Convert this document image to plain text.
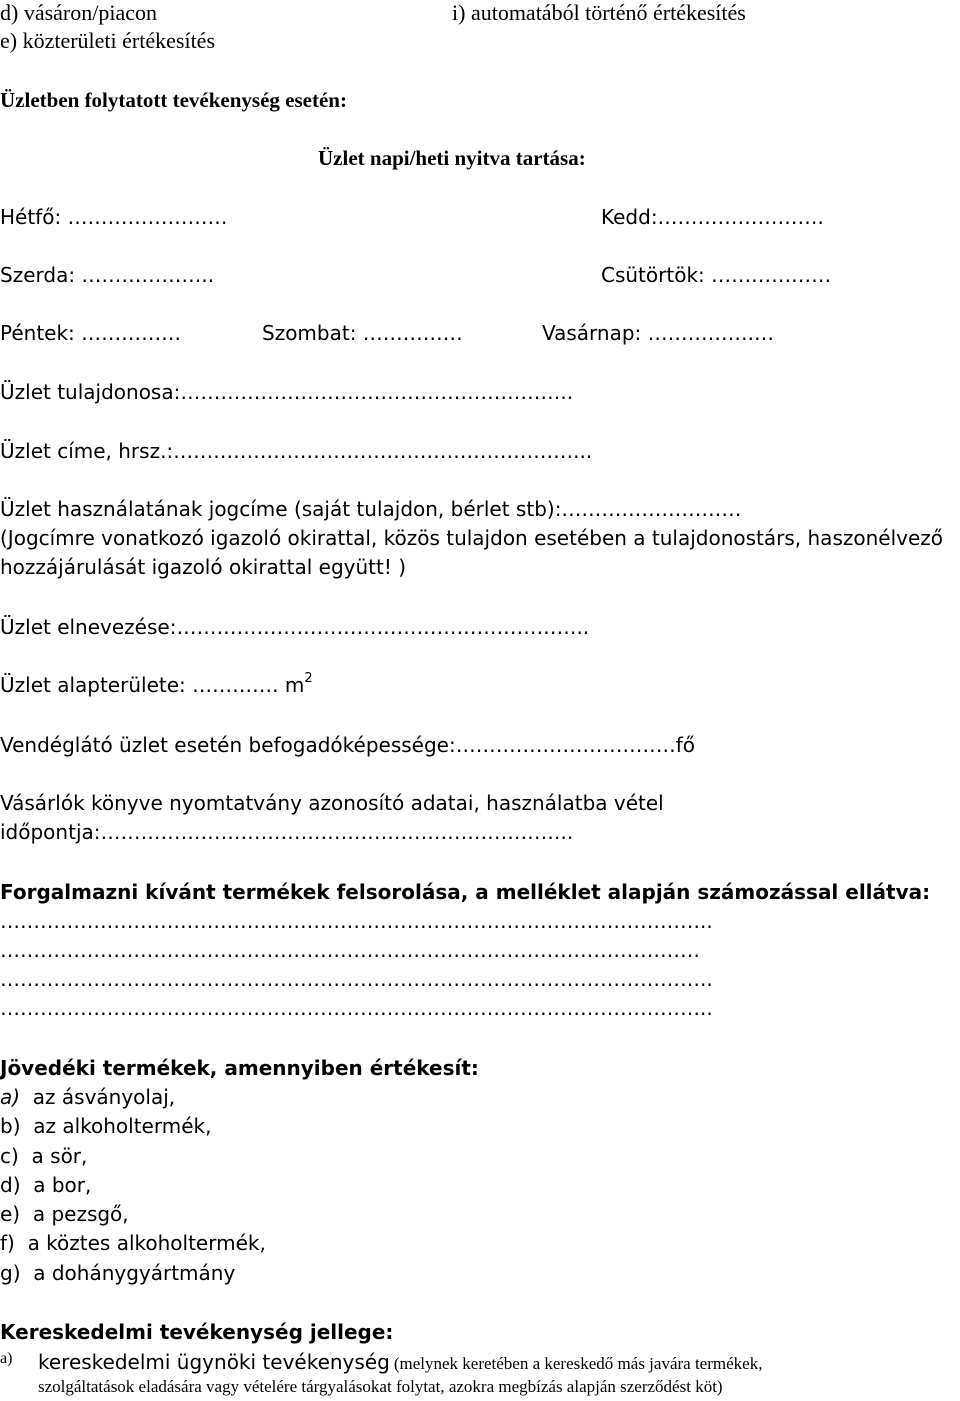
d) vásáron/piacon	i) automatából történő értékesítés
e) közterületi értékesítés
Üzletben folytatott tevékenység esetén:
Üzlet napi/heti nyitva tartása:
Hétfő: ……………………	Kedd:…………………….
Szerda: ………………..	Csütörtök: ………………
Péntek: ……………	Szombat: ……………	Vasárnap: …………….…
Üzlet tulajdonosa:…………………………………………………..
Üzlet címe, hrsz.:……………………………………………………...
Üzlet használatának jogcíme (saját tulajdon, bérlet stb):………………………
(Jogcímre vonatkozó igazoló okirattal, közös tulajdon esetében a tulajdonostárs, haszonélvező
hozzájárulását igazoló okirattal együtt! )
Üzlet elnevezése:……………………………………………………..
Üzlet alapterülete: …………. $m^2$
Vendéglátó üzlet esetén befogadóképessége:……………………………fő
Vásárlók könyve nyomtatvány azonosító adatai, használatba vétel
időpontja:……………………………………………………………..
Forgalmazni kívánt termékek felsorolása, a melléklet alapján számozással ellátva:
……………………………………………………………………………………………..
……………………………………………………………………………………………
……………………………………………………………………………………………..
……………………………………………………………………………………………..
Jövedéki termékek, amennyiben értékesít:
a) az ásványolaj,
b) az alkoholtermék,
c) a sör,
d) a bor,
e) a pezsgő,
f) a köztes alkoholtermék,
g) a dohánygyártmány
Kereskedelmi tevékenység jellege:
a) kereskedelmi ügynöki tevékenység (melynek keretében a kereskedő más javára termékek,
szolgáltatások eladására vagy vételére tárgyalásokat folytat, azokra megbízás alapján szerződést köt)
